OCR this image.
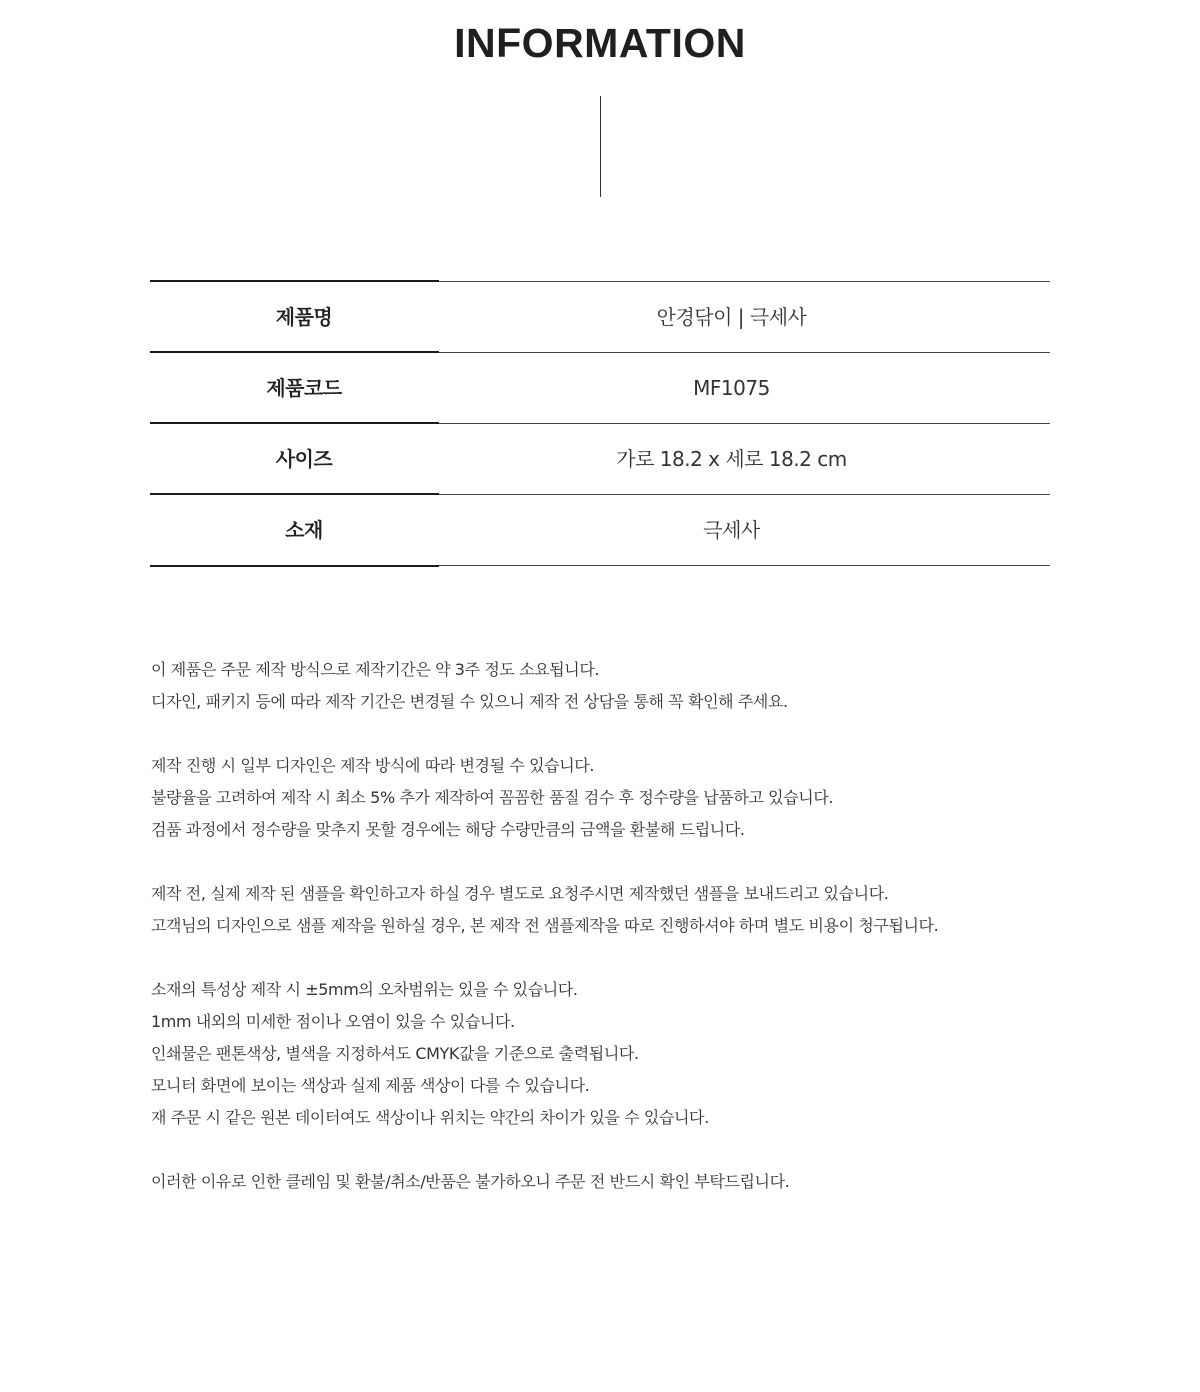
INFORMATION
제품명	안경닦이 | 극세사
제품코드	MF1075
사이즈	가로 18.2 x 세로 18.2 cm
소재	극세사
이 제품은 주문 제작 방식으로 제작기간은 약 3주 정도 소요됩니다.
디자인, 패키지 등에 따라 제작 기간은 변경될 수 있으니 제작 전 상담을 통해 꼭 확인해 주세요.
제작 진행 시 일부 디자인은 제작 방식에 따라 변경될 수 있습니다.
불량율을 고려하여 제작 시 최소 5% 추가 제작하여 꼼꼼한 품질 검수 후 정수량을 납품하고 있습니다.
검품 과정에서 정수량을 맞추지 못할 경우에는 해당 수량만큼의 금액을 환불해 드립니다.
제작 전, 실제 제작 된 샘플을 확인하고자 하실 경우 별도로 요청주시면 제작했던 샘플을 보내드리고 있습니다.
고객님의 디자인으로 샘플 제작을 원하실 경우, 본 제작 전 샘플제작을 따로 진행하셔야 하며 별도 비용이 청구됩니다.
소재의 특성상 제작 시 ±5mm의 오차범위는 있을 수 있습니다.
1mm 내외의 미세한 점이나 오염이 있을 수 있습니다.
인쇄물은 팬톤색상, 별색을 지정하셔도 CMYK값을 기준으로 출력됩니다.
모니터 화면에 보이는 색상과 실제 제품 색상이 다를 수 있습니다.
재 주문 시 같은 원본 데이터여도 색상이나 위치는 약간의 차이가 있을 수 있습니다.
이러한 이유로 인한 클레임 및 환불/취소/반품은 불가하오니 주문 전 반드시 확인 부탁드립니다.
